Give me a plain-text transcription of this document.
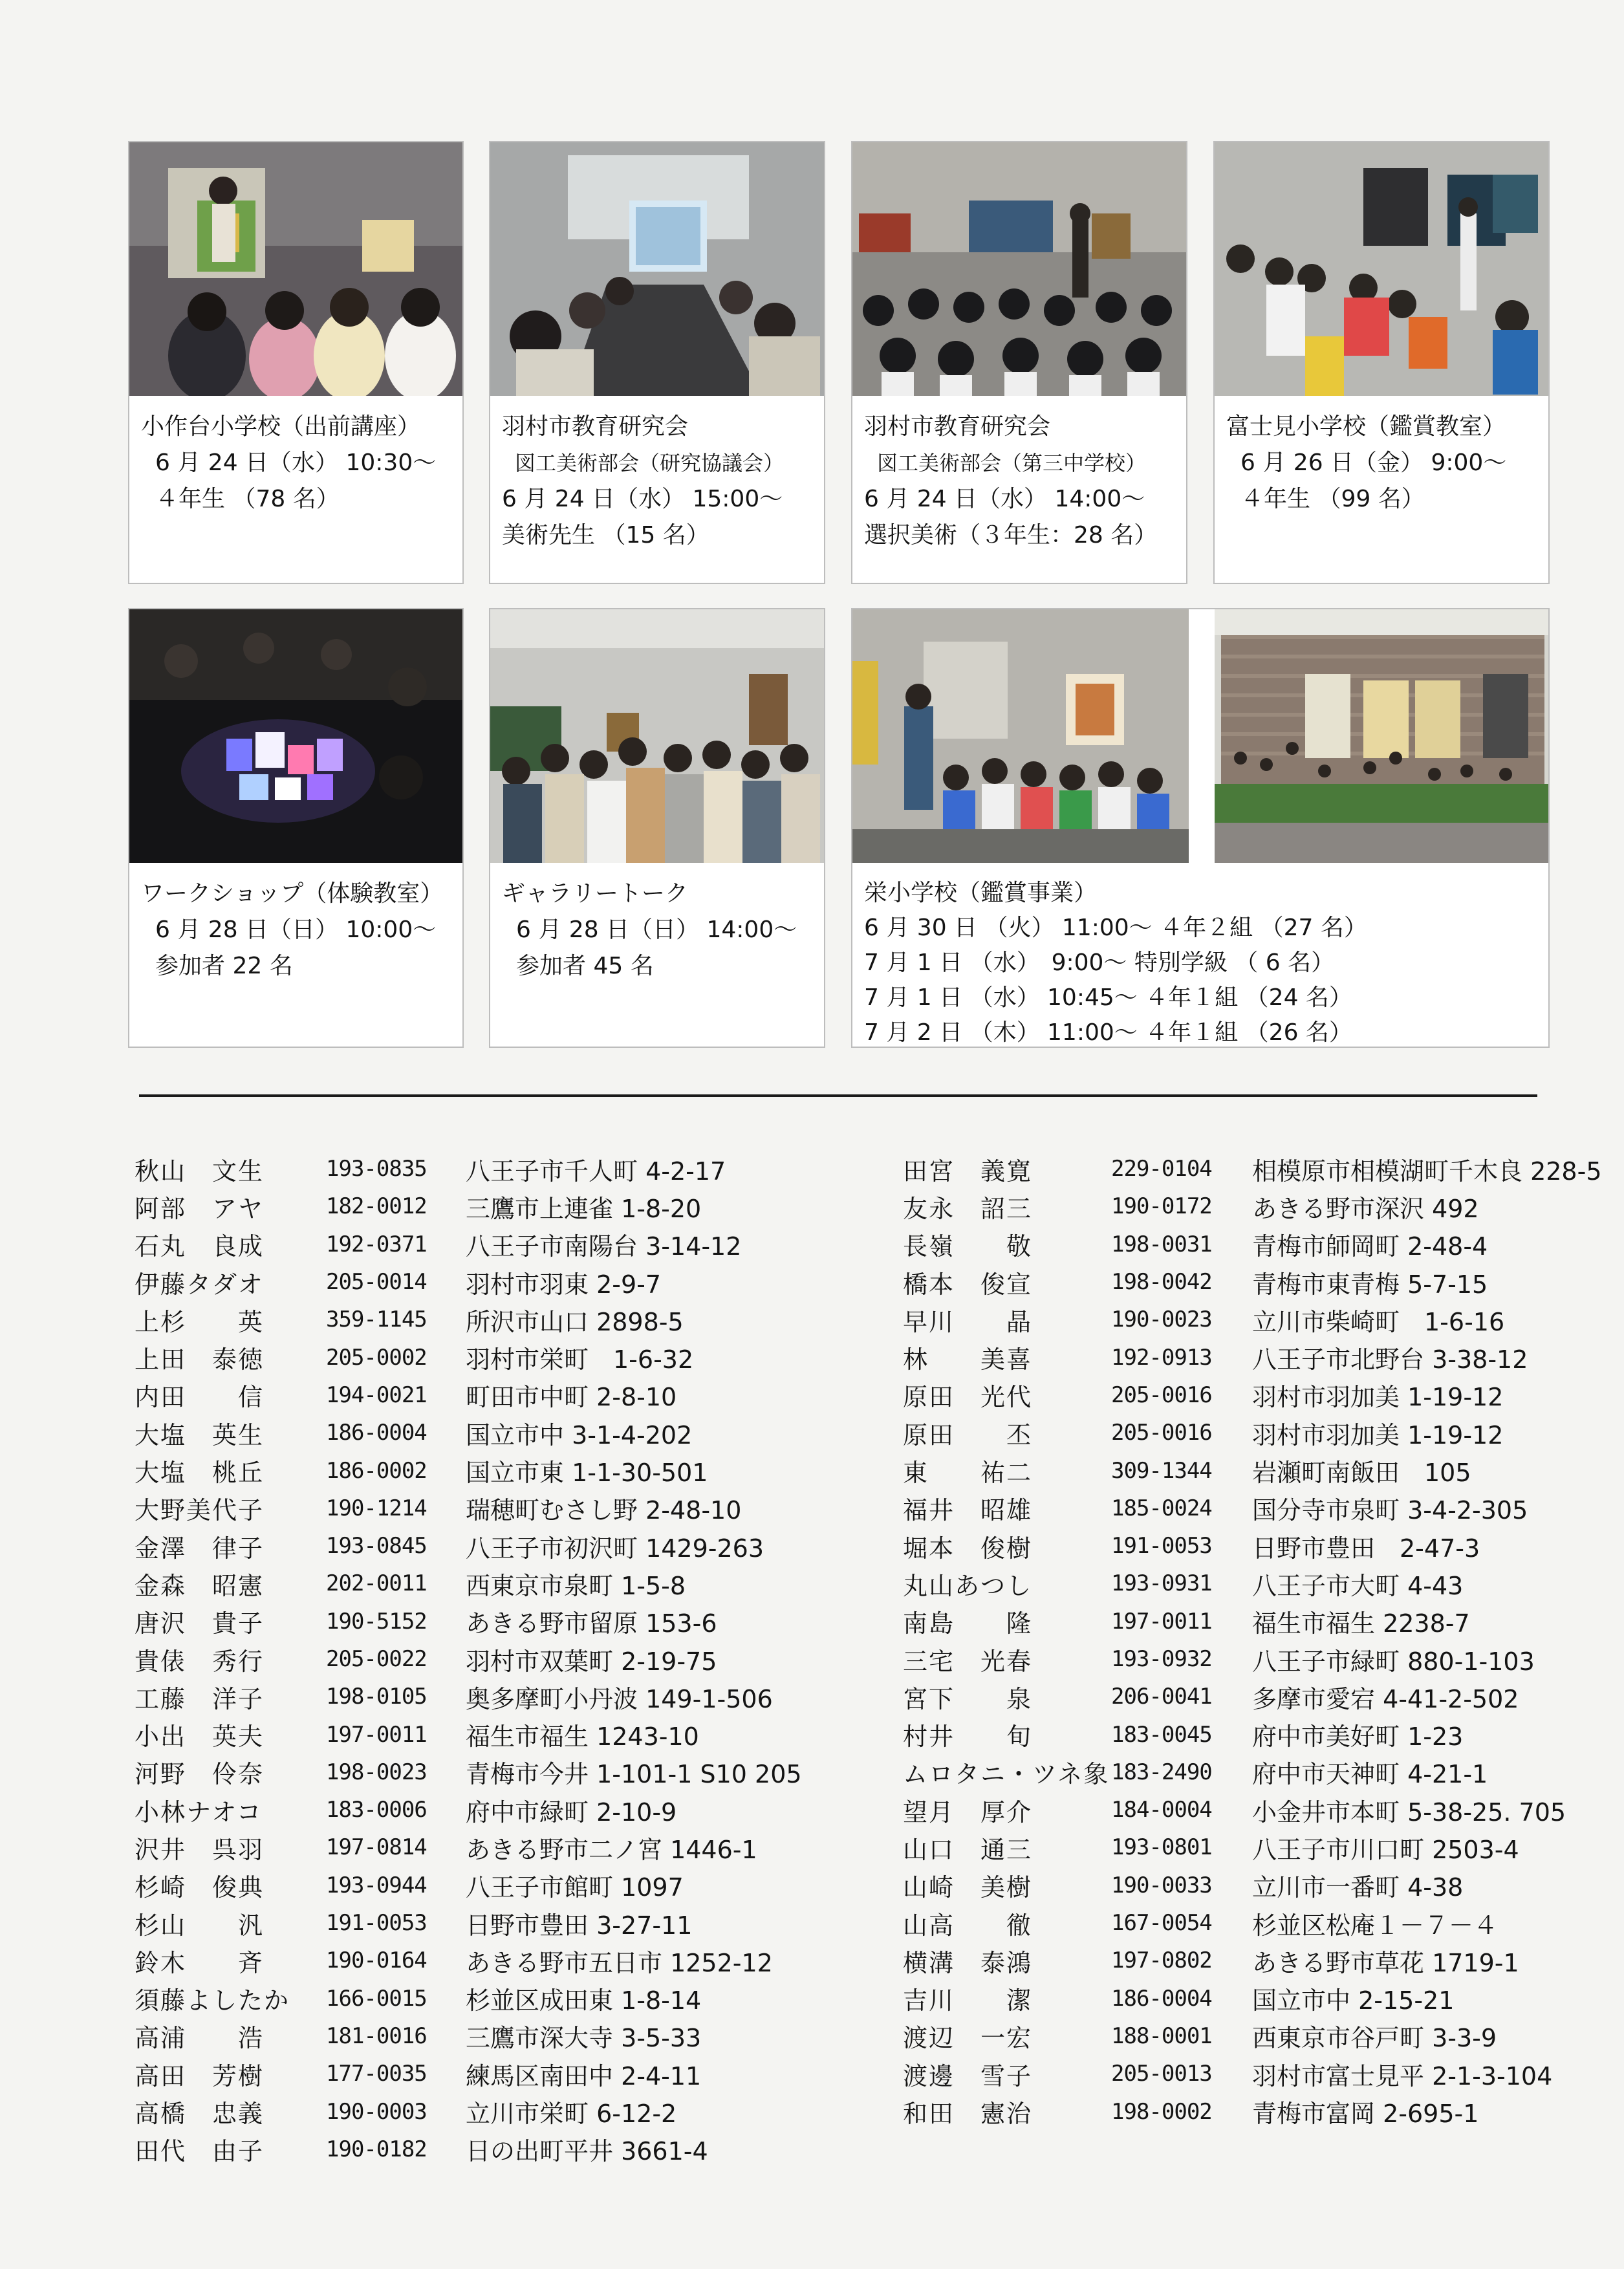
小作台小学校（出前講座）
6 月 24 日（水） 10:30〜
４年生 （78 名）
羽村市教育研究会
図工美術部会（研究協議会）
6 月 24 日（水） 15:00〜
美術先生 （15 名）
羽村市教育研究会
図工美術部会（第三中学校）
6 月 24 日（水） 14:00〜
選択美術（３年生：28 名）
富士見小学校（鑑賞教室）
6 月 26 日（金） 9:00〜
４年生 （99 名）
ワークショップ（体験教室）
6 月 28 日（日） 10:00〜
参加者 22 名
ギャラリートーク
6 月 28 日（日） 14:00〜
参加者 45 名
栄小学校（鑑賞事業）
6 月 30 日 （火） 11:00〜 ４年２組 （27 名）
7 月 1 日 （水）　9:00〜 特別学級 （ 6 名）
7 月 1 日 （水） 10:45〜 ４年１組 （24 名）
7 月 2 日 （木） 11:00〜 ４年１組 （26 名）
秋山　文生	193-0835	八王子市千人町 4-2-17
阿部　アヤ	182-0012	三鷹市上連雀 1-8-20
石丸　良成	192-0371	八王子市南陽台 3-14-12
伊藤タダオ	205-0014	羽村市羽東 2-9-7
上杉　　英	359-1145	所沢市山口 2898-5
上田　泰徳	205-0002	羽村市栄町　1-6-32
内田　　信	194-0021	町田市中町 2-8-10
大塩　英生	186-0004	国立市中 3-1-4-202
大塩　桃丘	186-0002	国立市東 1-1-30-501
大野美代子	190-1214	瑞穂町むさし野 2-48-10
金澤　律子	193-0845	八王子市初沢町 1429-263
金森　昭憲	202-0011	西東京市泉町 1-5-8
唐沢　貴子	190-5152	あきる野市留原 153-6
貴俵　秀行	205-0022	羽村市双葉町 2-19-75
工藤　洋子	198-0105	奥多摩町小丹波 149-1-506
小出　英夫	197-0011	福生市福生 1243-10
河野　伶奈	198-0023	青梅市今井 1-101-1 S10 205
小林ナオコ	183-0006	府中市緑町 2-10-9
沢井　呉羽	197-0814	あきる野市二ノ宮 1446-1
杉崎　俊典	193-0944	八王子市館町 1097
杉山　　汎	191-0053	日野市豊田 3-27-11
鈴木　　斉	190-0164	あきる野市五日市 1252-12
須藤よしたか	166-0015	杉並区成田東 1-8-14
高浦　　浩	181-0016	三鷹市深大寺 3-5-33
高田　芳樹	177-0035	練馬区南田中 2-4-11
高橋　忠義	190-0003	立川市栄町 6-12-2
田代　由子	190-0182	日の出町平井 3661-4
田宮　義寛	229-0104	相模原市相模湖町千木良 228-5
友永　詔三	190-0172	あきる野市深沢 492
長嶺　　敬	198-0031	青梅市師岡町 2-48-4
橋本　俊宣	198-0042	青梅市東青梅 5-7-15
早川　　晶	190-0023	立川市柴崎町　1-6-16
林　　美喜	192-0913	八王子市北野台 3-38-12
原田　光代	205-0016	羽村市羽加美 1-19-12
原田　　丕	205-0016	羽村市羽加美 1-19-12
東　　祐二	309-1344	岩瀬町南飯田　105
福井　昭雄	185-0024	国分寺市泉町 3-4-2-305
堀本　俊樹	191-0053	日野市豊田　2-47-3
丸山あつし	193-0931	八王子市大町 4-43
南島　　隆	197-0011	福生市福生 2238-7
三宅　光春	193-0932	八王子市緑町 880-1-103
宮下　　泉	206-0041	多摩市愛宕 4-41-2-502
村井　　旬	183-0045	府中市美好町 1-23
ムロタニ・ツネ象 183-2490	府中市天神町 4-21-1
望月　厚介	184-0004	小金井市本町 5-38-25. 705
山口　通三	193-0801	八王子市川口町 2503-4
山崎　美樹	190-0033	立川市一番町 4-38
山高　　徹	167-0054	杉並区松庵１－７－４
横溝　泰鴻	197-0802	あきる野市草花 1719-1
吉川　　潔	186-0004	国立市中 2-15-21
渡辺　一宏	188-0001	西東京市谷戸町 3-3-9
渡邊　雪子	205-0013	羽村市富士見平 2-1-3-104
和田　憲治	198-0002	青梅市富岡 2-695-1
